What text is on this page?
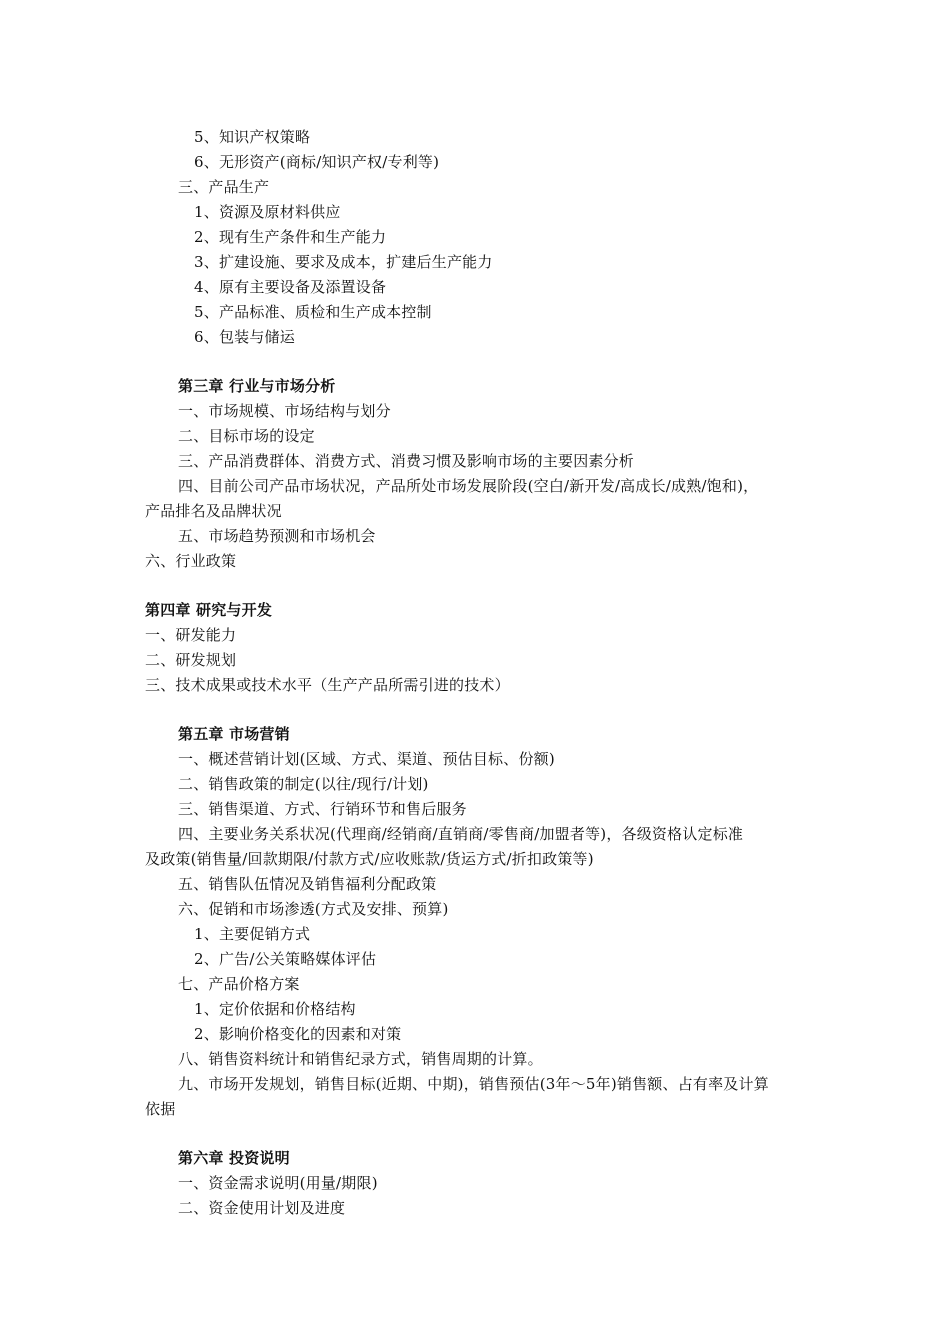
5、知识产权策略
6、无形资产(商标/知识产权/专利等)
三、产品生产
1、资源及原材料供应
2、现有生产条件和生产能力
3、扩建设施、要求及成本，扩建后生产能力
4、原有主要设备及添置设备
5、产品标准、质检和生产成本控制
6、包装与储运
第三章 行业与市场分析
一、市场规模、市场结构与划分
二、目标市场的设定
三、产品消费群体、消费方式、消费习惯及影响市场的主要因素分析
四、目前公司产品市场状况，产品所处市场发展阶段(空白/新开发/高成长/成熟/饱和)，
产品排名及品牌状况
五、市场趋势预测和市场机会
六、行业政策
第四章 研究与开发
一、研发能力
二、研发规划
三、技术成果或技术水平（生产产品所需引进的技术）
第五章 市场营销
一、概述营销计划(区域、方式、渠道、预估目标、份额)
二、销售政策的制定(以往/现行/计划)
三、销售渠道、方式、行销环节和售后服务
四、主要业务关系状况(代理商/经销商/直销商/零售商/加盟者等)，各级资格认定标准
及政策(销售量/回款期限/付款方式/应收账款/货运方式/折扣政策等)
五、销售队伍情况及销售福利分配政策
六、促销和市场渗透(方式及安排、预算)
1、主要促销方式
2、广告/公关策略媒体评估
七、产品价格方案
1、定价依据和价格结构
2、影响价格变化的因素和对策
八、销售资料统计和销售纪录方式，销售周期的计算。
九、市场开发规划，销售目标(近期、中期)，销售预估(3年～5年)销售额、占有率及计算
依据
第六章 投资说明
一、资金需求说明(用量/期限)
二、资金使用计划及进度
